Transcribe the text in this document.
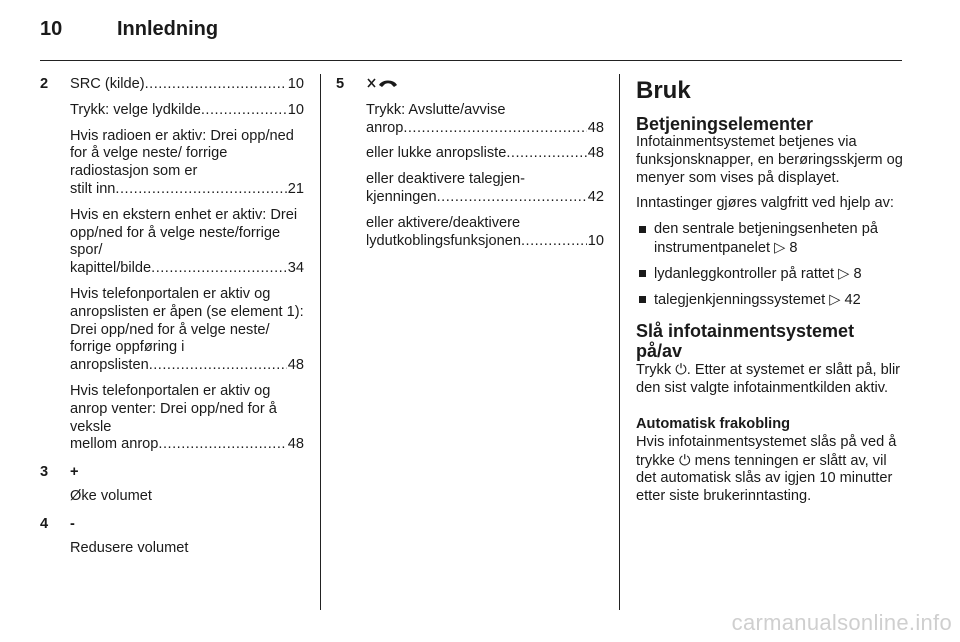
10	Innledning
2 SRC (kilde) .....	10
Trykk: velge lydkilde .....	10
Hvis radioen er aktiv: Drei opp/ned for å velge neste/ forrige radiostasjon som er
stilt inn .....	21
Hvis en ekstern enhet er aktiv: Drei opp/ned for å velge neste/forrige spor/
kapittel/bilde .....	34
Hvis telefonportalen er aktiv og anropslisten er åpen (se element 1): Drei opp/ned for å velge neste/ forrige oppføring i
anropslisten .....	48
Hvis telefonportalen er aktiv og anrop venter: Drei opp/ned for å veksle
mellom anrop .....	48
3 +
Øke volumet
4 -
Redusere volumet
5
Trykk: Avslutte/avvise
anrop .....	48
eller lukke anropsliste .....	48
eller deaktivere talegjen-
kjenningen .....	42
eller aktivere/deaktivere
lydutkoblingsfunksjonen .....	10
Bruk
Betjeningselementer
Infotainmentsystemet betjenes via funksjonsknapper, en berøringsskjerm og menyer som vises på displayet.
Inntastinger gjøres valgfritt ved hjelp av:
den sentrale betjeningsenheten på instrumentpanelet ▷ 8
lydanleggkontroller på rattet ▷ 8
talegjenkjenningssystemet ▷ 42
Slå infotainmentsystemet på/av
Trykk ⏻. Etter at systemet er slått på, blir den sist valgte infotainmentkilden aktiv.
Automatisk frakobling
Hvis infotainmentsystemet slås på ved å trykke ⏻ mens tenningen er slått av, vil det automatisk slås av igjen 10 minutter etter siste brukerinntasting.
carmanualsonline.info
